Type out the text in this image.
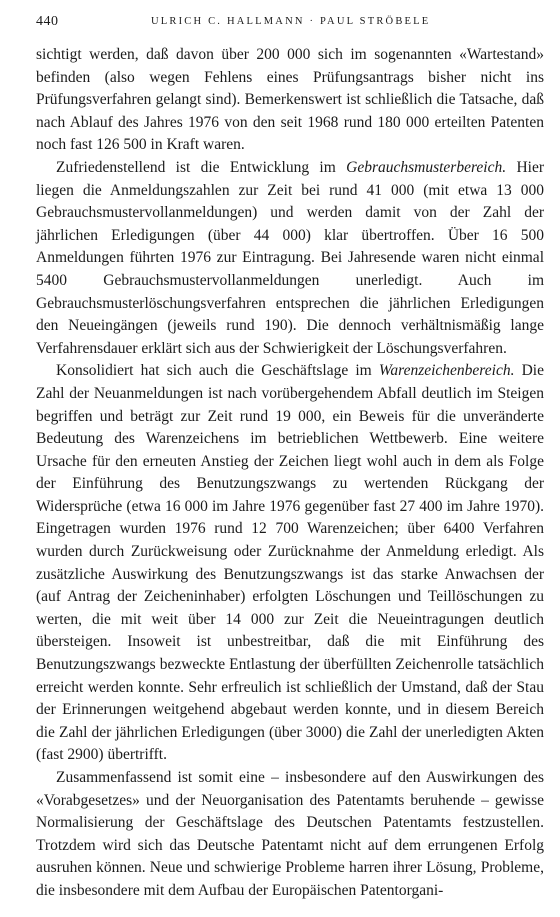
440	ULRICH C. HALLMANN · PAUL STRÖBELE

sichtigt werden, daß davon über 200 000 sich im sogenannten «Wartestand» befinden (also wegen Fehlens eines Prüfungsantrags bisher nicht ins Prüfungsverfahren gelangt sind). Bemerkenswert ist schließlich die Tatsache, daß nach Ablauf des Jahres 1976 von den seit 1968 rund 180 000 erteilten Patenten noch fast 126 500 in Kraft waren.

Zufriedenstellend ist die Entwicklung im Gebrauchsmusterbereich. Hier liegen die Anmeldungszahlen zur Zeit bei rund 41 000 (mit etwa 13 000 Gebrauchsmustervollanmeldungen) und werden damit von der Zahl der jährlichen Erledigungen (über 44 000) klar übertroffen. Über 16 500 Anmeldungen führten 1976 zur Eintragung. Bei Jahresende waren nicht einmal 5400 Gebrauchsmustervollanmeldungen unerledigt. Auch im Gebrauchsmusterlöschungsverfahren entsprechen die jährlichen Erledigungen den Neueingängen (jeweils rund 190). Die dennoch verhältnismäßig lange Verfahrensdauer erklärt sich aus der Schwierigkeit der Löschungsverfahren.

Konsolidiert hat sich auch die Geschäftslage im Warenzeichenbereich. Die Zahl der Neuanmeldungen ist nach vorübergehendem Abfall deutlich im Steigen begriffen und beträgt zur Zeit rund 19 000, ein Beweis für die unveränderte Bedeutung des Warenzeichens im betrieblichen Wettbewerb. Eine weitere Ursache für den erneuten Anstieg der Zeichen liegt wohl auch in dem als Folge der Einführung des Benutzungszwangs zu wertenden Rückgang der Widersprüche (etwa 16 000 im Jahre 1976 gegenüber fast 27 400 im Jahre 1970). Eingetragen wurden 1976 rund 12 700 Warenzeichen; über 6400 Verfahren wurden durch Zurückweisung oder Zurücknahme der Anmeldung erledigt. Als zusätzliche Auswirkung des Benutzungszwangs ist das starke Anwachsen der (auf Antrag der Zeicheninhaber) erfolgten Löschungen und Teillöschungen zu werten, die mit weit über 14 000 zur Zeit die Neueintragungen deutlich übersteigen. Insoweit ist unbestreitbar, daß die mit Einführung des Benutzungszwangs bezweckte Entlastung der überfüllten Zeichenrolle tatsächlich erreicht werden konnte. Sehr erfreulich ist schließlich der Umstand, daß der Stau der Erinnerungen weitgehend abgebaut werden konnte, und in diesem Bereich die Zahl der jährlichen Erledigungen (über 3000) die Zahl der unerledigten Akten (fast 2900) übertrifft.

Zusammenfassend ist somit eine – insbesondere auf den Auswirkungen des «Vorabgesetzes» und der Neuorganisation des Patentamts beruhende – gewisse Normalisierung der Geschäftslage des Deutschen Patentamts festzustellen. Trotzdem wird sich das Deutsche Patentamt nicht auf dem errungenen Erfolg ausruhen können. Neue und schwierige Probleme harren ihrer Lösung, Probleme, die insbesondere mit dem Aufbau der Europäischen Patentorgani-
